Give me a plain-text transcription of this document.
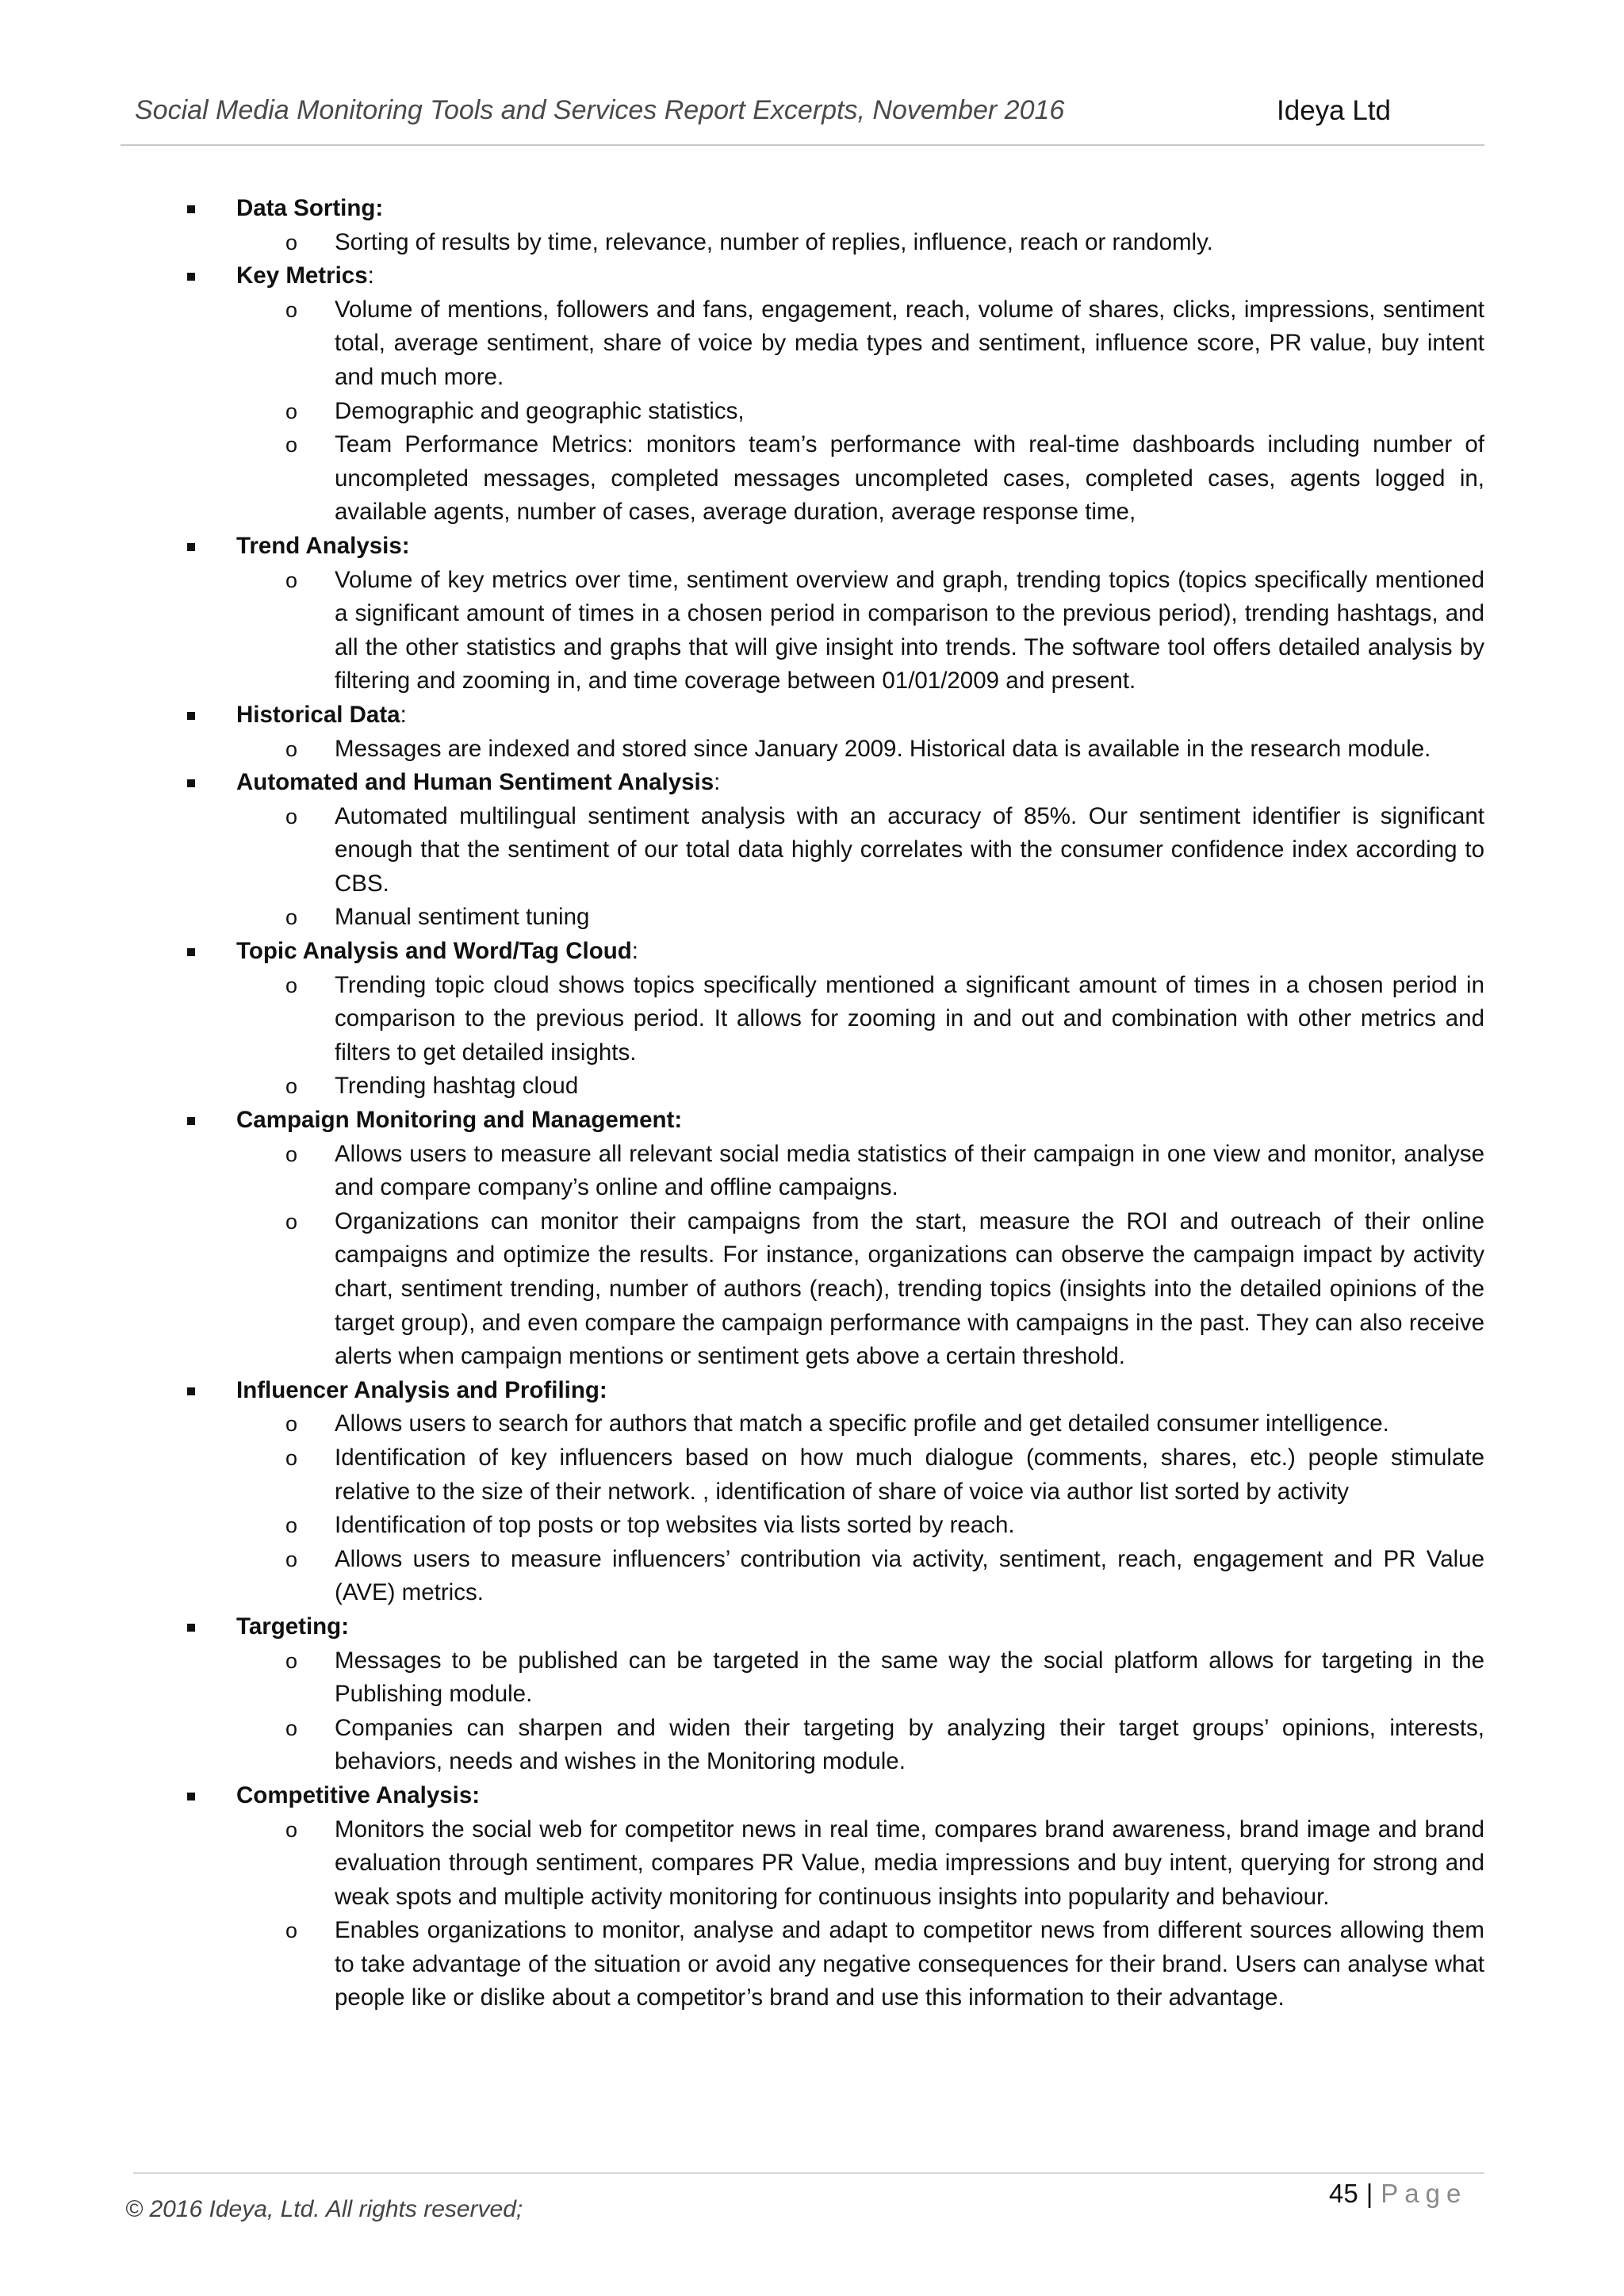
Social Media Monitoring Tools and Services Report Excerpts, November 2016	Ideya Ltd
Data Sorting:
o Sorting of results by time, relevance, number of replies, influence, reach or randomly.
Key Metrics:
o Volume of mentions, followers and fans, engagement, reach, volume of shares, clicks, impressions, sentiment total, average sentiment, share of voice by media types and sentiment, influence score, PR value, buy intent and much more.
o Demographic and geographic statistics,
o Team Performance Metrics: monitors team’s performance with real-time dashboards including number of uncompleted messages, completed messages uncompleted cases, completed cases, agents logged in, available agents, number of cases, average duration, average response time,
Trend Analysis:
o Volume of key metrics over time, sentiment overview and graph, trending topics (topics specifically mentioned a significant amount of times in a chosen period in comparison to the previous period), trending hashtags, and all the other statistics and graphs that will give insight into trends. The software tool offers detailed analysis by filtering and zooming in, and time coverage between 01/01/2009 and present.
Historical Data:
o Messages are indexed and stored since January 2009. Historical data is available in the research module.
Automated and Human Sentiment Analysis:
o Automated multilingual sentiment analysis with an accuracy of 85%. Our sentiment identifier is significant enough that the sentiment of our total data highly correlates with the consumer confidence index according to CBS.
o Manual sentiment tuning
Topic Analysis and Word/Tag Cloud:
o Trending topic cloud shows topics specifically mentioned a significant amount of times in a chosen period in comparison to the previous period. It allows for zooming in and out and combination with other metrics and filters to get detailed insights.
o Trending hashtag cloud
Campaign Monitoring and Management:
o Allows users to measure all relevant social media statistics of their campaign in one view and monitor, analyse and compare company’s online and offline campaigns.
o Organizations can monitor their campaigns from the start, measure the ROI and outreach of their online campaigns and optimize the results. For instance, organizations can observe the campaign impact by activity chart, sentiment trending, number of authors (reach), trending topics (insights into the detailed opinions of the target group), and even compare the campaign performance with campaigns in the past. They can also receive alerts when campaign mentions or sentiment gets above a certain threshold.
Influencer Analysis and Profiling:
o Allows users to search for authors that match a specific profile and get detailed consumer intelligence.
o Identification of key influencers based on how much dialogue (comments, shares, etc.) people stimulate relative to the size of their network. , identification of share of voice via author list sorted by activity
o Identification of top posts or top websites via lists sorted by reach.
o Allows users to measure influencers’ contribution via activity, sentiment, reach, engagement and PR Value (AVE) metrics.
Targeting:
o Messages to be published can be targeted in the same way the social platform allows for targeting in the Publishing module.
o Companies can sharpen and widen their targeting by analyzing their target groups’ opinions, interests, behaviors, needs and wishes in the Monitoring module.
Competitive Analysis:
o Monitors the social web for competitor news in real time, compares brand awareness, brand image and brand evaluation through sentiment, compares PR Value, media impressions and buy intent, querying for strong and weak spots and multiple activity monitoring for continuous insights into popularity and behaviour.
o Enables organizations to monitor, analyse and adapt to competitor news from different sources allowing them to take advantage of the situation or avoid any negative consequences for their brand. Users can analyse what people like or dislike about a competitor’s brand and use this information to their advantage.
© 2016 Ideya, Ltd. All rights reserved;
45 | Page
